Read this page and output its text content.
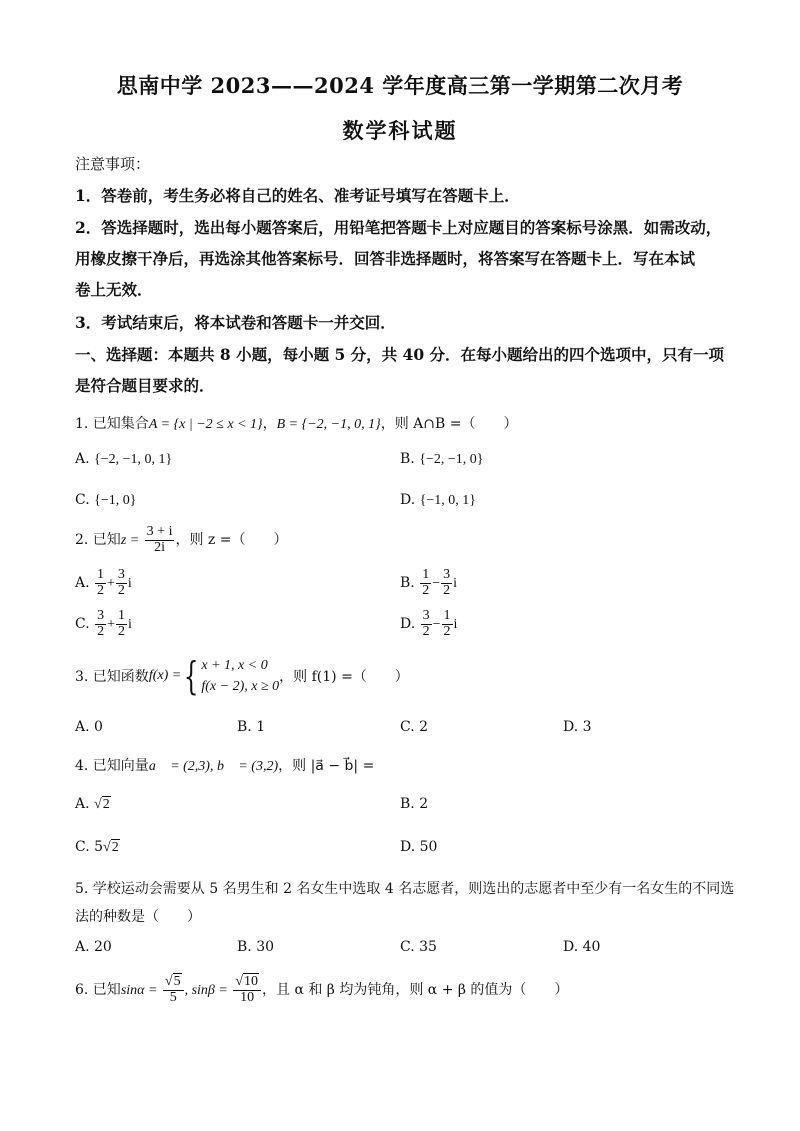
思南中学 2023——2024 学年度高三第一学期第二次月考
数学科试题
注意事项：
1．答卷前，考生务必将自己的姓名、准考证号填写在答题卡上．
2．答选择题时，选出每小题答案后，用铅笔把答题卡上对应题目的答案标号涂黑．如需改动，
用橡皮擦干净后，再选涂其他答案标号．回答非选择题时，将答案写在答题卡上．写在本试
卷上无效．
3．考试结束后，将本试卷和答题卡一并交回．
一、选择题：本题共 8 小题，每小题 5 分，共 40 分．在每小题给出的四个选项中，只有一项
是符合题目要求的．
1. 已知集合A = {x | −2 ≤ x < 1}，B = {−2, −1, 0, 1}，则 A∩B =（　　）
A. {−2, −1, 0, 1}	B. {−2, −1, 0}
C. {−1, 0}	D. {−1, 0, 1}
2. 已知$z = \frac{3 + i}{2i}$ ，则 z =（　　）
A. $\frac{1}{2} + \frac{3}{2}$ i	B. $\frac{1}{2} - \frac{3}{2}$ i
C. $\frac{3}{2} + \frac{1}{2}$ i	D. $\frac{3}{2} - \frac{1}{2}$ i
3. 已知函数 f(x) = { x + 1, x < 0
f(x − 2), x ≥ 0
，则 f(1) =（　　）
A. 0	B. 1	C. 2	D. 3
4. 已知向量a⃗ = (2,3), b⃗ = (3,2)，则 |a⃗ − b⃗| =
A. √2	B. 2
C. 5√2	D. 50
5. 学校运动会需要从 5 名男生和 2 名女生中选取 4 名志愿者，则选出的志愿者中至少有一名女生的不同选
法的种数是（　　）
A. 20	B. 30	C. 35	D. 40
6. 已知$\sin\alpha = \frac{√5}{5}$ , $\sin\beta = \frac{√10}{10}$ ，且 α 和 β 均为钝角，则 α + β 的值为（　　）
